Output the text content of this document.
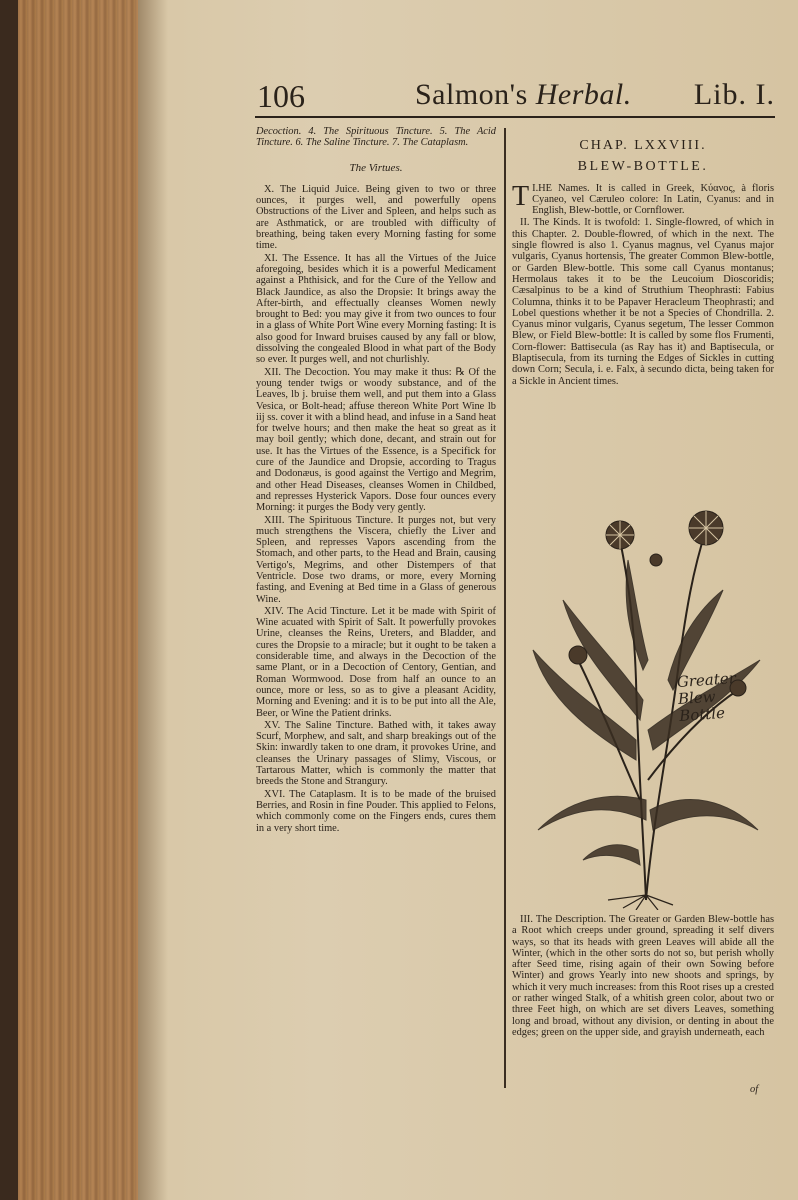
106	Salmon's Herbal. Lib. I.

Decoction. 4. The Spirituous Tincture. 5. The Acid Tincture. 6. The Saline Tincture. 7. The Cataplasm.

The Virtues.

X. The Liquid Juice. Being given to two or three ounces, it purges well, and powerfully opens Obstructions of the Liver and Spleen, and helps such as are Asthmatick, or are troubled with difficulty of breathing, being taken every Morning fasting for some time.

XI. The Essence. It has all the Virtues of the Juice aforegoing, besides which it is a powerful Medicament against a Phthisick, and for the Cure of the Yellow and Black Jaundice, as also the Dropsie: It brings away the After-birth, and effectually cleanses Women newly brought to Bed: you may give it from two ounces to four in a glass of White Port Wine every Morning fasting: It is also good for Inward bruises caused by any fall or blow, dissolving the congealed Blood in what part of the Body so ever. It purges well, and not churlishly.

XII. The Decoction. You may make it thus: ℞ Of the young tender twigs or woody substance, and of the Leaves, lb j. bruise them well, and put them into a Glass Vesica, or Bolt-head; affuse thereon White Port Wine lb iij ss. cover it with a blind head, and infuse in a Sand heat for twelve hours; and then make the heat so great as it may boil gently; which done, decant, and strain out for use. It has the Virtues of the Essence, is a Specifick for cure of the Jaundice and Dropsie, according to Tragus and Dodonæus, is good against the Vertigo and Megrim, and other Head Diseases, cleanses Women in Childbed, and represses Hysterick Vapors. Dose four ounces every Morning: it purges the Body very gently.

XIII. The Spirituous Tincture. It purges not, but very much strengthens the Viscera, chiefly the Liver and Spleen, and represses Vapors ascending from the Stomach, and other parts, to the Head and Brain, causing Vertigo's, Megrims, and other Distempers of that Ventricle. Dose two drams, or more, every Morning fasting, and Evening at Bed time in a Glass of generous Wine.

XIV. The Acid Tincture. Let it be made with Spirit of Wine acuated with Spirit of Salt. It powerfully provokes Urine, cleanses the Reins, Ureters, and Bladder, and cures the Dropsie to a miracle; but it ought to be taken a considerable time, and always in the Decoction of the same Plant, or in a Decoction of Centory, Gentian, and Roman Wormwood. Dose from half an ounce to an ounce, more or less, so as to give a pleasant Acidity, Morning and Evening: and it is to be put into all the Ale, Beer, or Wine the Patient drinks.

XV. The Saline Tincture. Bathed with, it takes away Scurf, Morphew, and salt, and sharp breakings out of the Skin: inwardly taken to one dram, it provokes Urine, and cleanses the Urinary passages of Slimy, Viscous, or Tartarous Matter, which is commonly the matter that breeds the Stone and Strangury.

XVI. The Cataplasm. It is to be made of the bruised Berries, and Rosin in fine Pouder. This applied to Felons, which commonly come on the Fingers ends, cures them in a very short time.

CHAP. LXXVIII.

BLEW-BOTTLE.

I.
T HE Names. It is called in Greek, Κύανος, à floris Cyaneo, vel Cæruleo colore: In Latin, Cyanus: and in English, Blew-bottle, or Cornflower.

II. The Kinds. It is twofold: 1. Single-flowred, of which in this Chapter. 2. Double-flowred, of which in the next. The single flowred is also 1. Cyanus magnus, vel Cyanus major vulgaris, Cyanus hortensis, The greater Common Blew-bottle, or Garden Blew-bottle. This some call Cyanus montanus; Hermolaus takes it to be the Leucoium Dioscoridis; Cæsalpinus to be a kind of Struthium Theophrasti: Fabius Columna, thinks it to be Papaver Heracleum Theophrasti; and Lobel questions whether it be not a Species of Chondrilla. 2. Cyanus minor vulgaris, Cyanus segetum, The lesser Common Blew, or Field Blew-bottle: It is called by some flos Frumenti, Corn-flower: Battisecula (as Ray has it) and Baptisecula, or Blaptisecula, from its turning the Edges of Sickles in cutting down Corn; Secula, i. e. Falx, à secundo dicta, being taken for a Sickle in Ancient times.

Greater
Blew
Bottle

III. The Description. The Greater or Garden Blew-bottle has a Root which creeps under ground, spreading it self divers ways, so that its heads with green Leaves will abide all the Winter, (which in the other sorts do not so, but perish wholly after Seed time, rising again of their own Sowing before Winter) and grows Yearly into new shoots and springs, by which it very much increases: from this Root rises up a crested or rather winged Stalk, of a whitish green color, about two or three Feet high, on which are set divers Leaves, something long and broad, without any division, or denting in about the edges; green on the upper side, and grayish underneath, each

of
